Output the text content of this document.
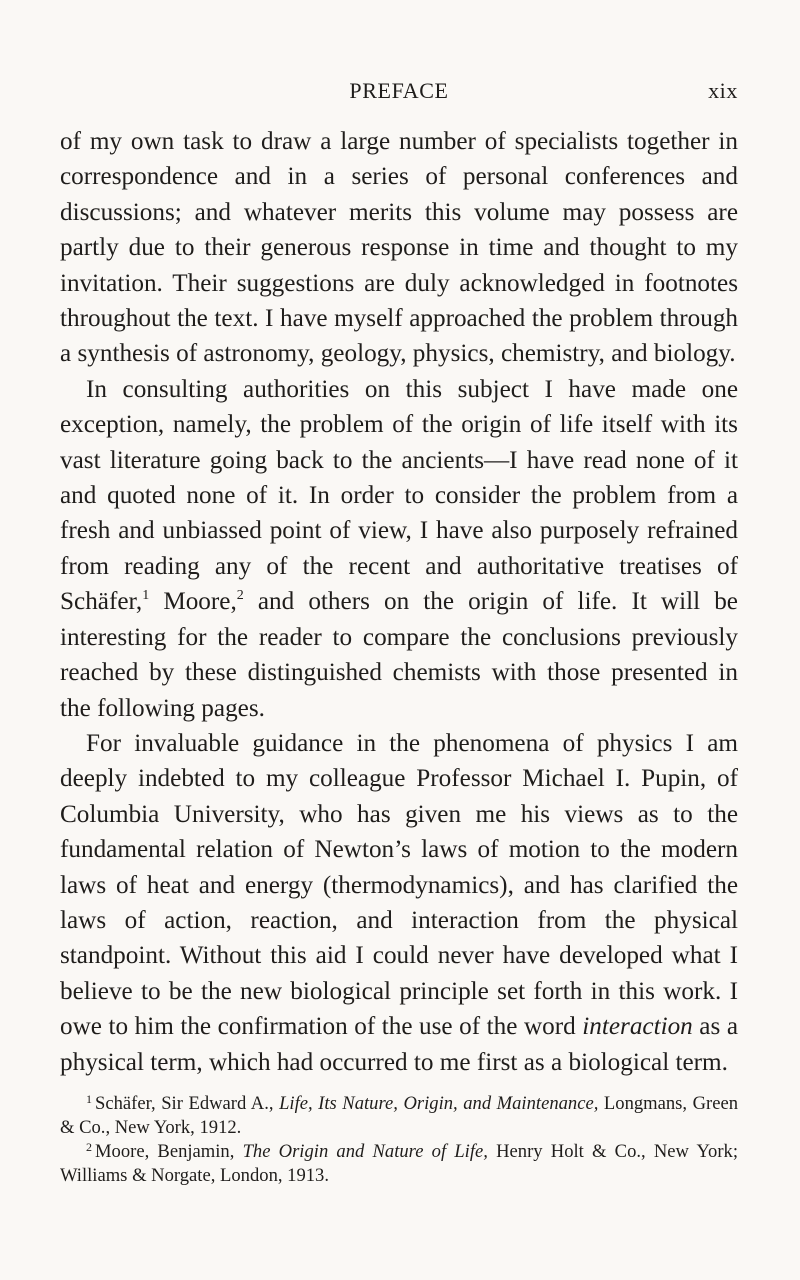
PREFACE	xix

of my own task to draw a large number of specialists together in correspondence and in a series of personal conferences and discussions; and whatever merits this volume may possess are partly due to their generous response in time and thought to my invitation. Their suggestions are duly acknowledged in footnotes throughout the text. I have myself approached the problem through a synthesis of astronomy, geology, physics, chemistry, and biology.

In consulting authorities on this subject I have made one exception, namely, the problem of the origin of life itself with its vast literature going back to the ancients—I have read none of it and quoted none of it. In order to consider the problem from a fresh and unbiassed point of view, I have also purposely refrained from reading any of the recent and authoritative treatises of Schäfer,$^1$ Moore,$^2$ and others on the origin of life. It will be interesting for the reader to compare the conclusions previously reached by these distinguished chemists with those presented in the following pages.

For invaluable guidance in the phenomena of physics I am deeply indebted to my colleague Professor Michael I. Pupin, of Columbia University, who has given me his views as to the fundamental relation of Newton’s laws of motion to the modern laws of heat and energy (thermodynamics), and has clarified the laws of action, reaction, and interaction from the physical standpoint. Without this aid I could never have developed what I believe to be the new biological principle set forth in this work. I owe to him the confirmation of the use of the word interaction as a physical term, which had occurred to me first as a biological term.

$^1$ Schäfer, Sir Edward A., Life, Its Nature, Origin, and Maintenance, Longmans, Green & Co., New York, 1912.

$^2$ Moore, Benjamin, The Origin and Nature of Life, Henry Holt & Co., New York; Williams & Norgate, London, 1913.
